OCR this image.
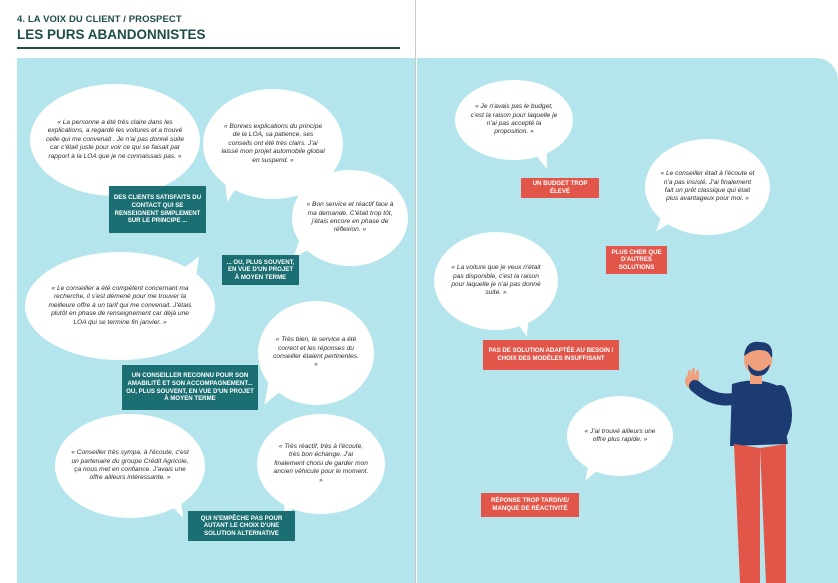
4. LA VOIX DU CLIENT / PROSPECT
LES PURS ABANDONNISTES
« La personne a été très claire dans les explications, a regardé les voitures et a trouvé celle qui me convenait . Je n'ai pas donné suite car c'était juste pour voir ce qui se faisait par rapport à la LOA que je ne connaissais pas. »
« Bonnes explications du principe de la LOA, sa patience, ses conseils ont été très clairs. J'ai laissé mon projet automobile global en suspend. »
« Bon service et réactif face à ma demande. C'était trop tôt, j'étais encore en phase de réflexion. »
« Le conseiller a été compétent concernant ma recherche, il s'est démené pour me trouver la meilleure offre à un tarif qui me convenait. J'étais plutôt en phase de renseignement car déjà une LOA qui se termine fin janvier. »
« Très bien, le service a été correct et les réponses du conseiller étaient pertinentes. »
« Conseiller très sympa, à l'écoute, c'est un partenaire du groupe Crédit Agricole, ça nous met en confiance. J'avais une offre ailleurs intéressante. »
« Très réactif, très à l'écoute, très bon échange. J'ai finalement choisi de garder mon ancien véhicule pour le moment. »
DES CLIENTS SATISFAITS DU CONTACT QUI SE RENSEIGNENT SIMPLEMENT SUR LE PRINCIPE ...
... OU, PLUS SOUVENT, EN VUE D'UN PROJET À MOYEN TERME
UN CONSEILLER RECONNU POUR SON AMABILITÉ ET SON ACCOMPAGNEMENT... OU, PLUS SOUVENT, EN VUE D'UN PROJET À MOYEN TERME
QUI N'EMPÊCHE PAS POUR AUTANT LE CHOIX D'UNE SOLUTION ALTERNATIVE
« Je n'avais pas le budget, c'est la raison pour laquelle je n'ai pas accepté la proposition. »
« Le conseiller était à l'écoute et n'a pas insisté. J'ai finalement fait un prêt classique qui était plus avantageux pour moi. »
« La voiture que je veux n'était pas disponible, c'est la raison pour laquelle je n'ai pas donné suite. »
« J'ai trouvé ailleurs une offre plus rapide. »
UN BUDGET TROP ÉLEVÉ
PLUS CHER QUE D'AUTRES SOLUTIONS
PAS DE SOLUTION ADAPTÉE AU BESOIN / CHOIX DES MODÈLES INSUFFISANT
RÉPONSE TROP TARDIVE/ MANQUE DE RÉACTIVITÉ
